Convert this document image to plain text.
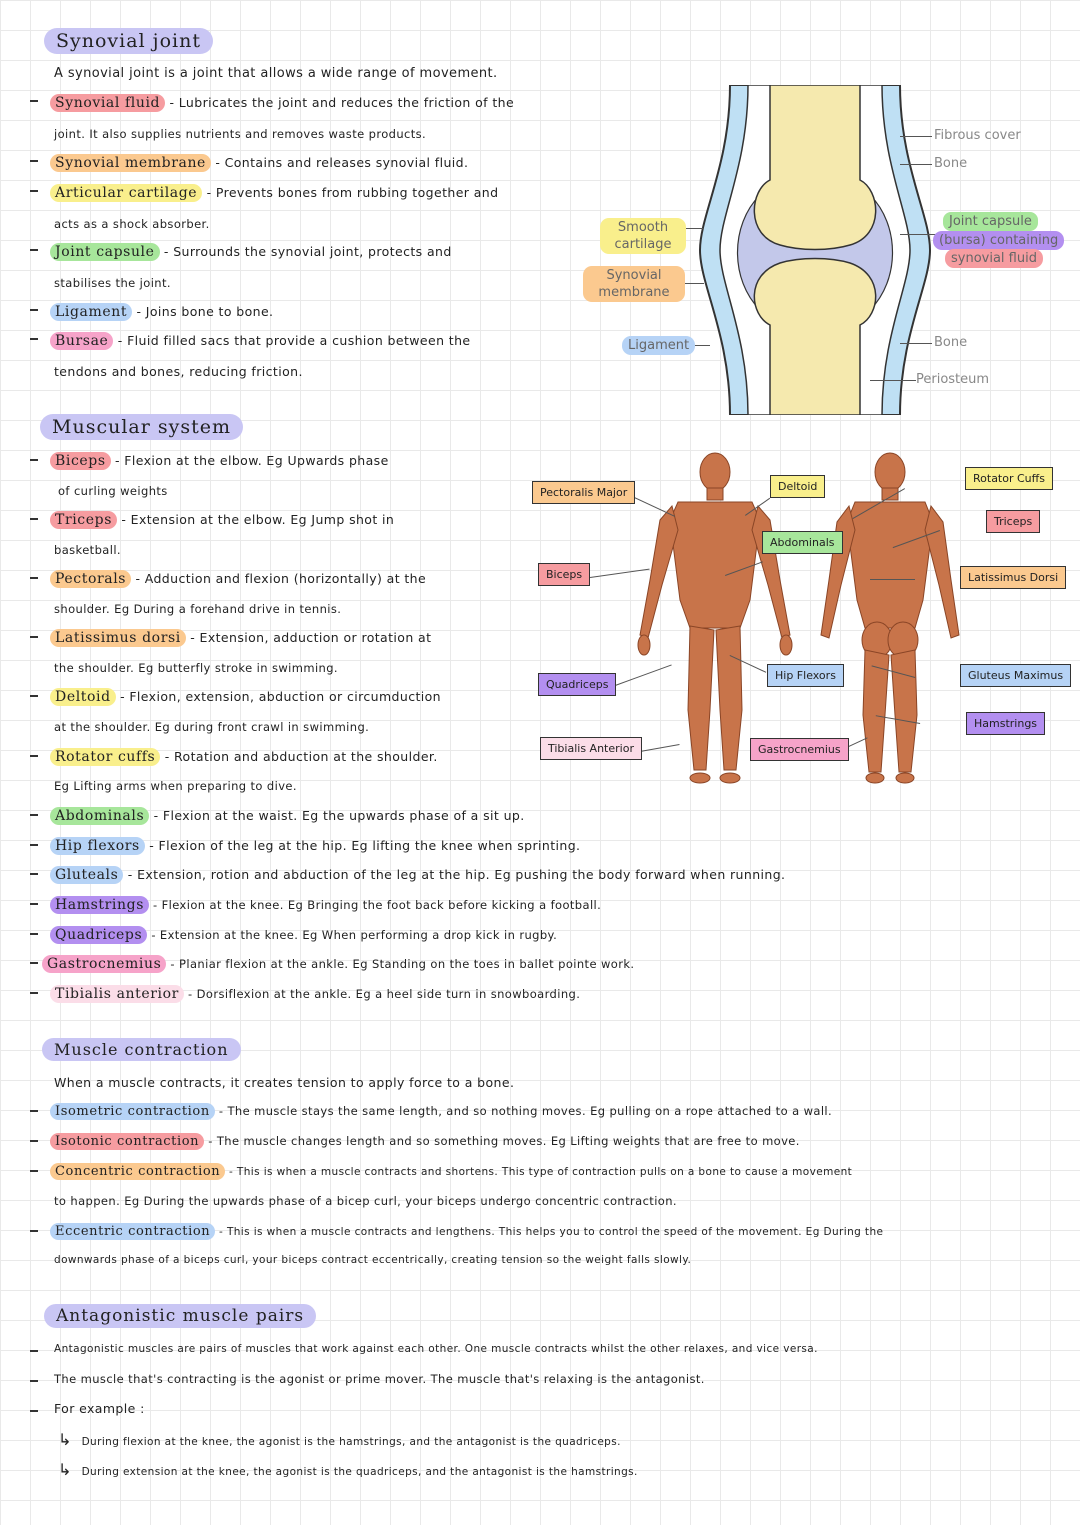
Synovial joint
A synovial joint is a joint that allows a wide range of movement.
Synovial fluid - Lubricates the joint and reduces the friction of the
joint. It also supplies nutrients and removes waste products.
Synovial membrane - Contains and releases synovial fluid.
Articular cartilage - Prevents bones from rubbing together and
acts as a shock absorber.
Joint capsule - Surrounds the synovial joint, protects and
stabilises the joint.
Ligament - Joins bone to bone.
Bursae - Fluid filled sacs that provide a cushion between the
tendons and bones, reducing friction.
Fibrous cover
Bone
Joint capsule
(bursa) containing
synovial fluid
Bone
Periosteum
Smooth
cartilage
Synovial
membrane
Ligament
Muscular system
Biceps - Flexion at the elbow. Eg Upwards phase
of curling weights
Triceps - Extension at the elbow. Eg Jump shot in
basketball.
Pectorals - Adduction and flexion (horizontally) at the
shoulder. Eg During a forehand drive in tennis.
Latissimus dorsi - Extension, adduction or rotation at
the shoulder. Eg butterfly stroke in swimming.
Deltoid - Flexion, extension, abduction or circumduction
at the shoulder. Eg during front crawl in swimming.
Rotator cuffs - Rotation and abduction at the shoulder.
Eg Lifting arms when preparing to dive.
Abdominals - Flexion at the waist. Eg the upwards phase of a sit up.
Hip flexors - Flexion of the leg at the hip. Eg lifting the knee when sprinting.
Gluteals - Extension, rotion and abduction of the leg at the hip. Eg pushing the body forward when running.
Hamstrings - Flexion at the knee. Eg Bringing the foot back before kicking a football.
Quadriceps - Extension at the knee. Eg When performing a drop kick in rugby.
Gastrocnemius - Planiar flexion at the ankle. Eg Standing on the toes in ballet pointe work.
Tibialis anterior - Dorsiflexion at the ankle. Eg a heel side turn in snowboarding.
Pectoralis Major
Biceps
Quadriceps
Tibialis Anterior
Deltoid
Abdominals
Hip Flexors
Gastrocnemius
Rotator Cuffs
Triceps
Latissimus Dorsi
Gluteus Maximus
Hamstrings
Muscle contraction
When a muscle contracts, it creates tension to apply force to a bone.
Isometric contraction - The muscle stays the same length, and so nothing moves. Eg pulling on a rope attached to a wall.
Isotonic contraction - The muscle changes length and so something moves. Eg Lifting weights that are free to move.
Concentric contraction - This is when a muscle contracts and shortens. This type of contraction pulls on a bone to cause a movement
to happen. Eg During the upwards phase of a bicep curl, your biceps undergo concentric contraction.
Eccentric contraction - This is when a muscle contracts and lengthens. This helps you to control the speed of the movement. Eg During the
downwards phase of a biceps curl, your biceps contract eccentrically, creating tension so the weight falls slowly.
Antagonistic muscle pairs
Antagonistic muscles are pairs of muscles that work against each other. One muscle contracts whilst the other relaxes, and vice versa.
The muscle that's contracting is the agonist or prime mover. The muscle that's relaxing is the antagonist.
For example :
↳ During flexion at the knee, the agonist is the hamstrings, and the antagonist is the quadriceps.
↳ During extension at the knee, the agonist is the quadriceps, and the antagonist is the hamstrings.
